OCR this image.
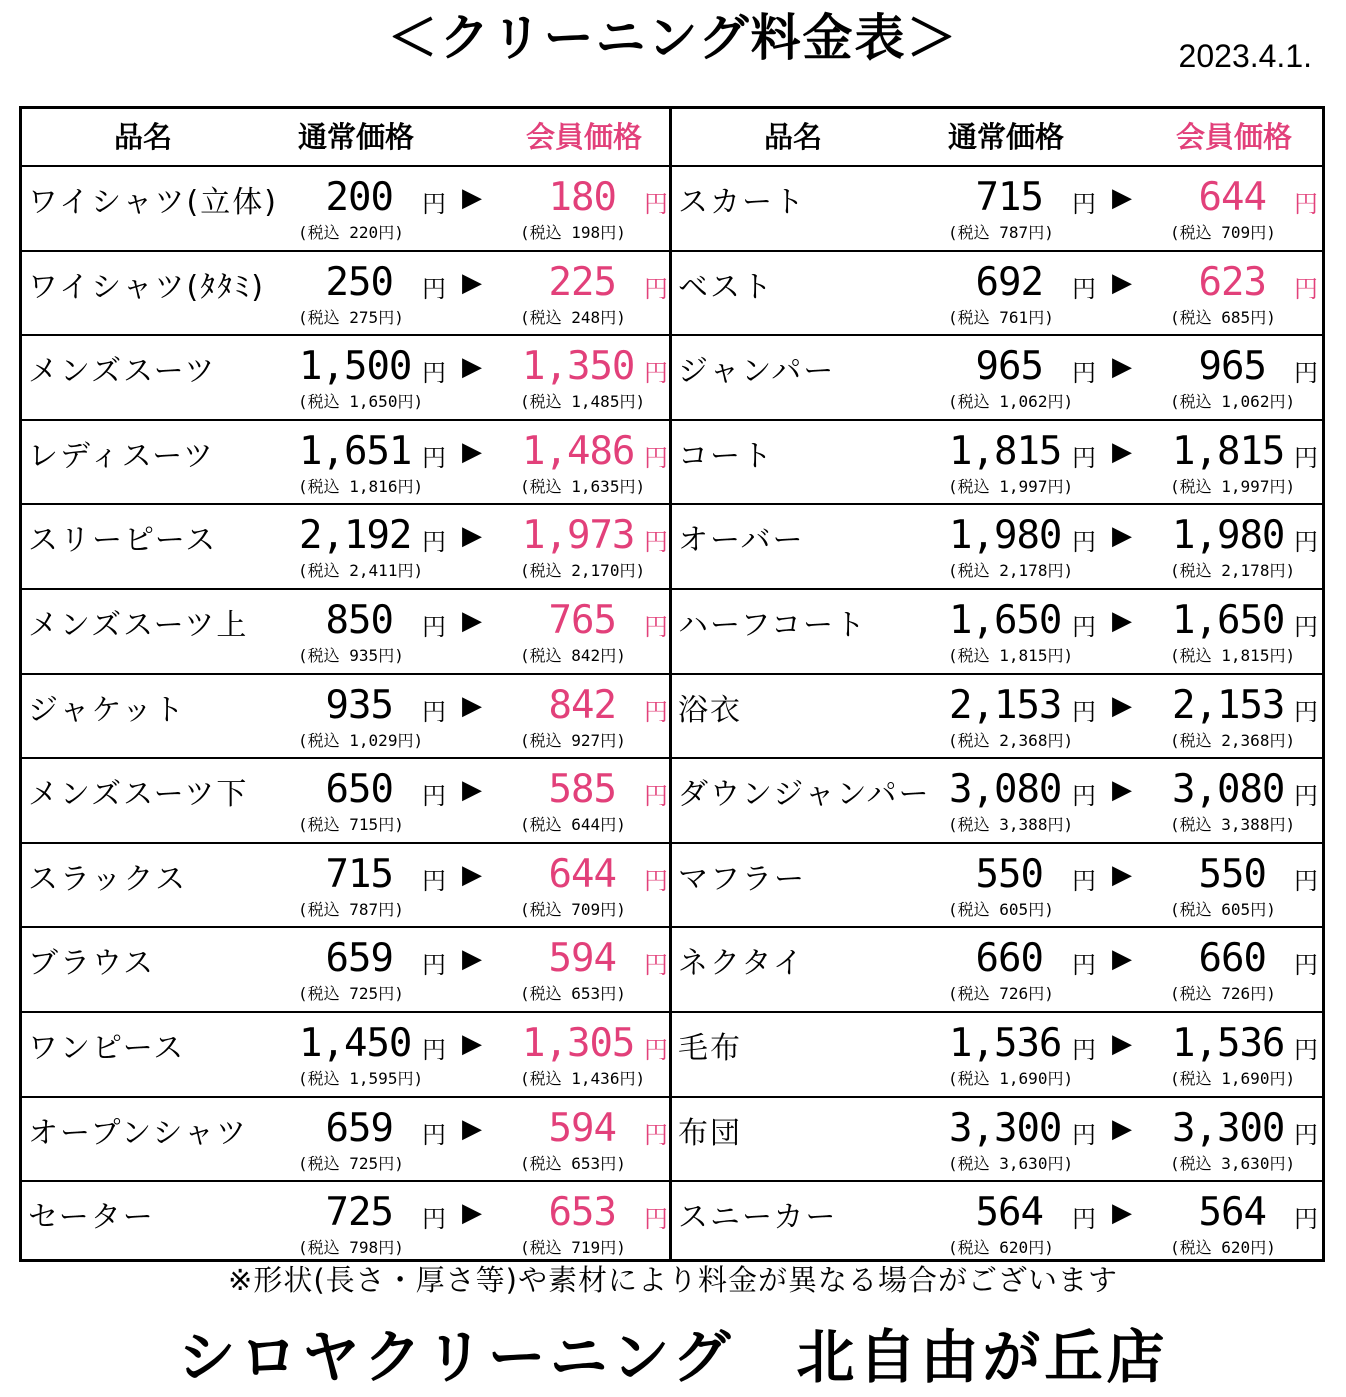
＜クリーニング料金表＞	2023.4.1.
品名	通常価格	会員価格
ワイシャツ(立体)	200 円 ▶	180 円
(税込 220円)	(税込 198円)
ワイシャツ(ﾀﾀﾐ)	250 円 ▶	225 円
(税込 275円)	(税込 248円)
メンズスーツ 1,500 円 ▶ 1,350 円
(税込 1,650円)	(税込 1,485円)
レディスーツ 1,651 円 ▶ 1,486 円
(税込 1,816円)	(税込 1,635円)
スリーピース 2,192 円 ▶ 1,973 円
(税込 2,411円)	(税込 2,170円)
メンズスーツ上	850 円 ▶	765 円
(税込 935円)	(税込 842円)
ジャケット	935 円 ▶	842 円
(税込 1,029円)	(税込 927円)
メンズスーツ下	650 円 ▶	585 円
(税込 715円)	(税込 644円)
スラックス	715 円 ▶	644 円
(税込 787円)	(税込 709円)
ブラウス	659 円 ▶	594 円
(税込 725円)	(税込 653円)
ワンピース	1,450 円 ▶ 1,305 円
(税込 1,595円)	(税込 1,436円)
オープンシャツ	659 円 ▶	594 円
(税込 725円)	(税込 653円)
セーター	725 円 ▶	653 円
(税込 798円)	(税込 719円)
品名	通常価格	会員価格
スカート	715 円 ▶	644 円
(税込 787円)	(税込 709円)
ベスト	692 円 ▶	623 円
(税込 761円)	(税込 685円)
ジャンパー	965 円 ▶	965 円
(税込 1,062円)	(税込 1,062円)
コート	1,815 円 ▶ 1,815 円
(税込 1,997円)	(税込 1,997円)
オーバー	1,980 円 ▶ 1,980 円
(税込 2,178円)	(税込 2,178円)
ハーフコート 1,650 円 ▶ 1,650 円
(税込 1,815円)	(税込 1,815円)
浴衣	2,153 円 ▶ 2,153 円
(税込 2,368円)	(税込 2,368円)
ダウンジャンパー 3,080 円 ▶ 3,080 円
(税込 3,388円)	(税込 3,388円)
マフラー	550 円 ▶	550 円
(税込 605円)	(税込 605円)
ネクタイ	660 円 ▶	660 円
(税込 726円)	(税込 726円)
毛布	1,536 円 ▶ 1,536 円
(税込 1,690円)	(税込 1,690円)
布団	3,300 円 ▶ 3,300 円
(税込 3,630円)	(税込 3,630円)
スニーカー	564 円 ▶	564 円
(税込 620円)	(税込 620円)
※形状(長さ・厚さ等)や素材により料金が異なる場合がございます
シロヤクリーニング　北自由が丘店
